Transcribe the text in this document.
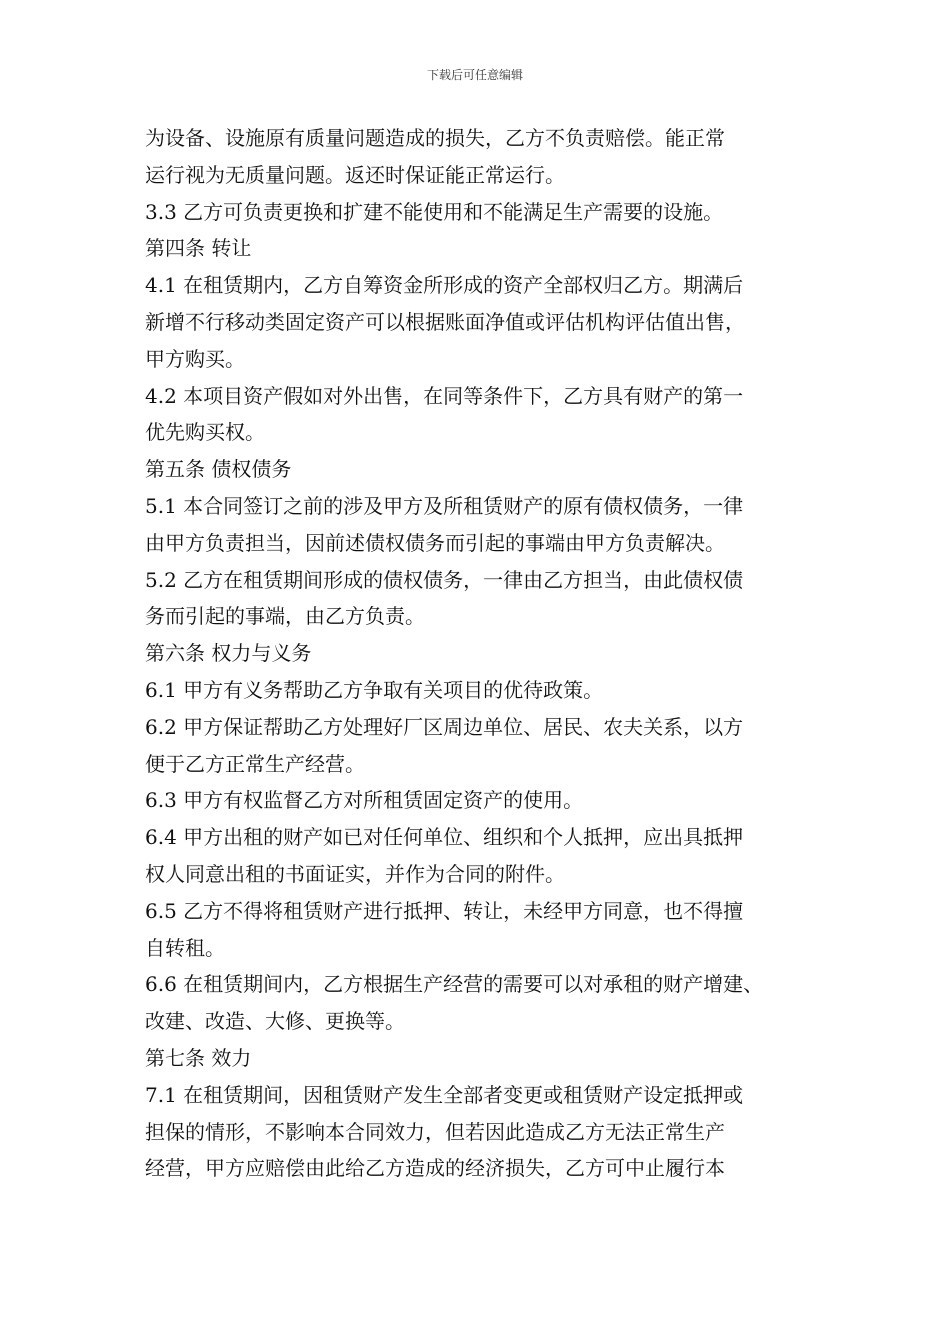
下载后可任意编辑
为设备、设施原有质量问题造成的损失，乙方不负责赔偿。能正常
运行视为无质量问题。返还时保证能正常运行。
3.3 乙方可负责更换和扩建不能使用和不能满足生产需要的设施。
第四条 转让
4.1 在租赁期内，乙方自筹资金所形成的资产全部权归乙方。期满后
新增不行移动类固定资产可以根据账面净值或评估机构评估值出售，
甲方购买。
4.2 本项目资产假如对外出售，在同等条件下，乙方具有财产的第一
优先购买权。
第五条 债权债务
5.1 本合同签订之前的涉及甲方及所租赁财产的原有债权债务，一律
由甲方负责担当，因前述债权债务而引起的事端由甲方负责解决。
5.2 乙方在租赁期间形成的债权债务，一律由乙方担当，由此债权债
务而引起的事端，由乙方负责。
第六条 权力与义务
6.1 甲方有义务帮助乙方争取有关项目的优待政策。
6.2 甲方保证帮助乙方处理好厂区周边单位、居民、农夫关系，以方
便于乙方正常生产经营。
6.3 甲方有权监督乙方对所租赁固定资产的使用。
6.4 甲方出租的财产如已对任何单位、组织和个人抵押，应出具抵押
权人同意出租的书面证实，并作为合同的附件。
6.5 乙方不得将租赁财产进行抵押、转让，未经甲方同意，也不得擅
自转租。
6.6 在租赁期间内，乙方根据生产经营的需要可以对承租的财产增建、
改建、改造、大修、更换等。
第七条 效力
7.1 在租赁期间，因租赁财产发生全部者变更或租赁财产设定抵押或
担保的情形，不影响本合同效力，但若因此造成乙方无法正常生产
经营，甲方应赔偿由此给乙方造成的经济损失，乙方可中止履行本
